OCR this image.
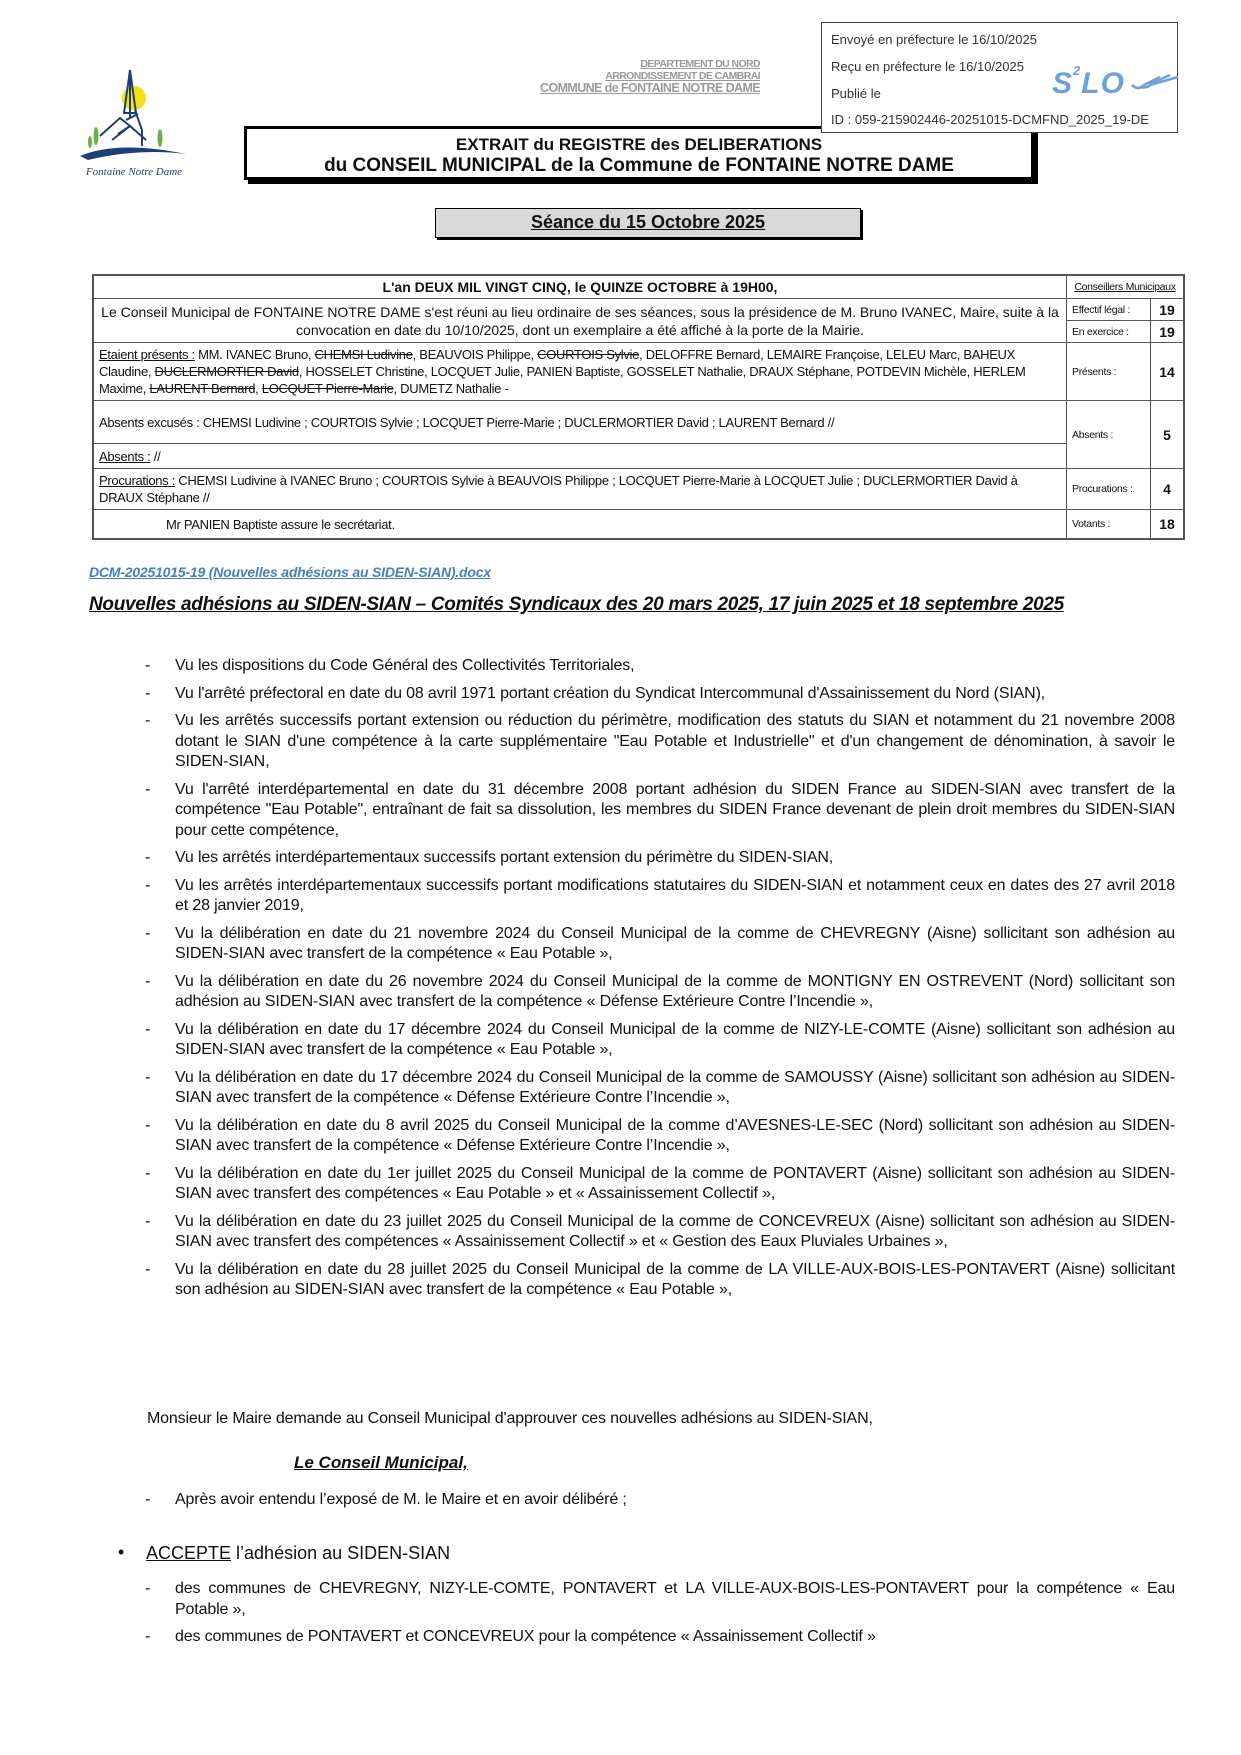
Fontaine Notre Dame
DEPARTEMENT DU NORD
ARRONDISSEMENT DE CAMBRAI
COMMUNE de FONTAINE NOTRE DAME
Envoyé en préfecture le 16/10/2025
Reçu en préfecture le 16/10/2025
Publié le
ID : 059-215902446-20251015-DCMFND_2025_19-DE
$S^2LO$
EXTRAIT du REGISTRE des DELIBERATIONS
du CONSEIL MUNICIPAL de la Commune de FONTAINE NOTRE DAME
Séance du 15 Octobre 2025
L'an DEUX MIL VINGT CINQ, le QUINZE OCTOBRE à 19H00,	Conseillers Municipaux	
Le Conseil Municipal de FONTAINE NOTRE DAME s'est réuni au lieu ordinaire de ses séances, sous la présidence de M. Bruno IVANEC, Maire, suite à la convocation en date du 10/10/2025, dont un exemplaire a été affiché à la porte de la Mairie.	Effectif légal :	19
	En exercice :	19
Etaient présents : MM. IVANEC Bruno, CHEMSI Ludivine, BEAUVOIS Philippe, COURTOIS Sylvie, DELOFFRE Bernard, LEMAIRE Françoise, LELEU Marc, BAHEUX Claudine, DUCLERMORTIER David, HOSSELET Christine, LOCQUET Julie, PANIEN Baptiste, GOSSELET Nathalie, DRAUX Stéphane, POTDEVIN Michèle, HERLEM Maxime, LAURENT Bernard, LOCQUET Pierre-Marie, DUMETZ Nathalie -	Présents :	14
Absents excusés : CHEMSI Ludivine ; COURTOIS Sylvie ; LOCQUET Pierre-Marie ; DUCLERMORTIER David ; LAURENT Bernard //	Absents :	5
Absents : //		
Procurations : CHEMSI Ludivine à IVANEC Bruno ; COURTOIS Sylvie à BEAUVOIS Philippe ; LOCQUET Pierre-Marie à LOCQUET Julie ; DUCLERMORTIER David à DRAUX Stéphane //	Procurations :	4
Mr PANIEN Baptiste assure le secrétariat.	Votants :	18
DCM-20251015-19 (Nouvelles adhésions au SIDEN-SIAN).docx
Nouvelles adhésions au SIDEN-SIAN – Comités Syndicaux des 20 mars 2025, 17 juin 2025 et 18 septembre 2025
- Vu les dispositions du Code Général des Collectivités Territoriales,
- Vu l'arrêté préfectoral en date du 08 avril 1971 portant création du Syndicat Intercommunal d'Assainissement du Nord (SIAN),
- Vu les arrêtés successifs portant extension ou réduction du périmètre, modification des statuts du SIAN et notamment du 21 novembre 2008 dotant le SIAN d'une compétence à la carte supplémentaire "Eau Potable et Industrielle" et d'un changement de dénomination, à savoir le SIDEN-SIAN,
- Vu l'arrêté interdépartemental en date du 31 décembre 2008 portant adhésion du SIDEN France au SIDEN-SIAN avec transfert de la compétence "Eau Potable", entraînant de fait sa dissolution, les membres du SIDEN France devenant de plein droit membres du SIDEN-SIAN pour cette compétence,
- Vu les arrêtés interdépartementaux successifs portant extension du périmètre du SIDEN-SIAN,
- Vu les arrêtés interdépartementaux successifs portant modifications statutaires du SIDEN-SIAN et notamment ceux en dates des 27 avril 2018 et 28 janvier 2019,
- Vu la délibération en date du 21 novembre 2024 du Conseil Municipal de la comme de CHEVREGNY (Aisne) sollicitant son adhésion au SIDEN-SIAN avec transfert de la compétence « Eau Potable »,
- Vu la délibération en date du 26 novembre 2024 du Conseil Municipal de la comme de MONTIGNY EN OSTREVENT (Nord) sollicitant son adhésion au SIDEN-SIAN avec transfert de la compétence « Défense Extérieure Contre l’Incendie »,
- Vu la délibération en date du 17 décembre 2024 du Conseil Municipal de la comme de NIZY-LE-COMTE (Aisne) sollicitant son adhésion au SIDEN-SIAN avec transfert de la compétence « Eau Potable »,
- Vu la délibération en date du 17 décembre 2024 du Conseil Municipal de la comme de SAMOUSSY (Aisne) sollicitant son adhésion au SIDEN-SIAN avec transfert de la compétence « Défense Extérieure Contre l’Incendie »,
- Vu la délibération en date du 8 avril 2025 du Conseil Municipal de la comme d’AVESNES-LE-SEC (Nord) sollicitant son adhésion au SIDEN-SIAN avec transfert de la compétence « Défense Extérieure Contre l’Incendie »,
- Vu la délibération en date du 1er juillet 2025 du Conseil Municipal de la comme de PONTAVERT (Aisne) sollicitant son adhésion au SIDEN-SIAN avec transfert des compétences « Eau Potable » et « Assainissement Collectif »,
- Vu la délibération en date du 23 juillet 2025 du Conseil Municipal de la comme de CONCEVREUX (Aisne) sollicitant son adhésion au SIDEN-SIAN avec transfert des compétences « Assainissement Collectif » et « Gestion des Eaux Pluviales Urbaines »,
- Vu la délibération en date du 28 juillet 2025 du Conseil Municipal de la comme de LA VILLE-AUX-BOIS-LES-PONTAVERT (Aisne) sollicitant son adhésion au SIDEN-SIAN avec transfert de la compétence « Eau Potable »,
Monsieur le Maire demande au Conseil Municipal d'approuver ces nouvelles adhésions au SIDEN-SIAN,
Le Conseil Municipal,
- Après avoir entendu l’exposé de M. le Maire et en avoir délibéré ;
• ACCEPTE l’adhésion au SIDEN-SIAN
- des communes de CHEVREGNY, NIZY-LE-COMTE, PONTAVERT et LA VILLE-AUX-BOIS-LES-PONTAVERT pour la compétence « Eau Potable »,
- des communes de PONTAVERT et CONCEVREUX pour la compétence « Assainissement Collectif »
